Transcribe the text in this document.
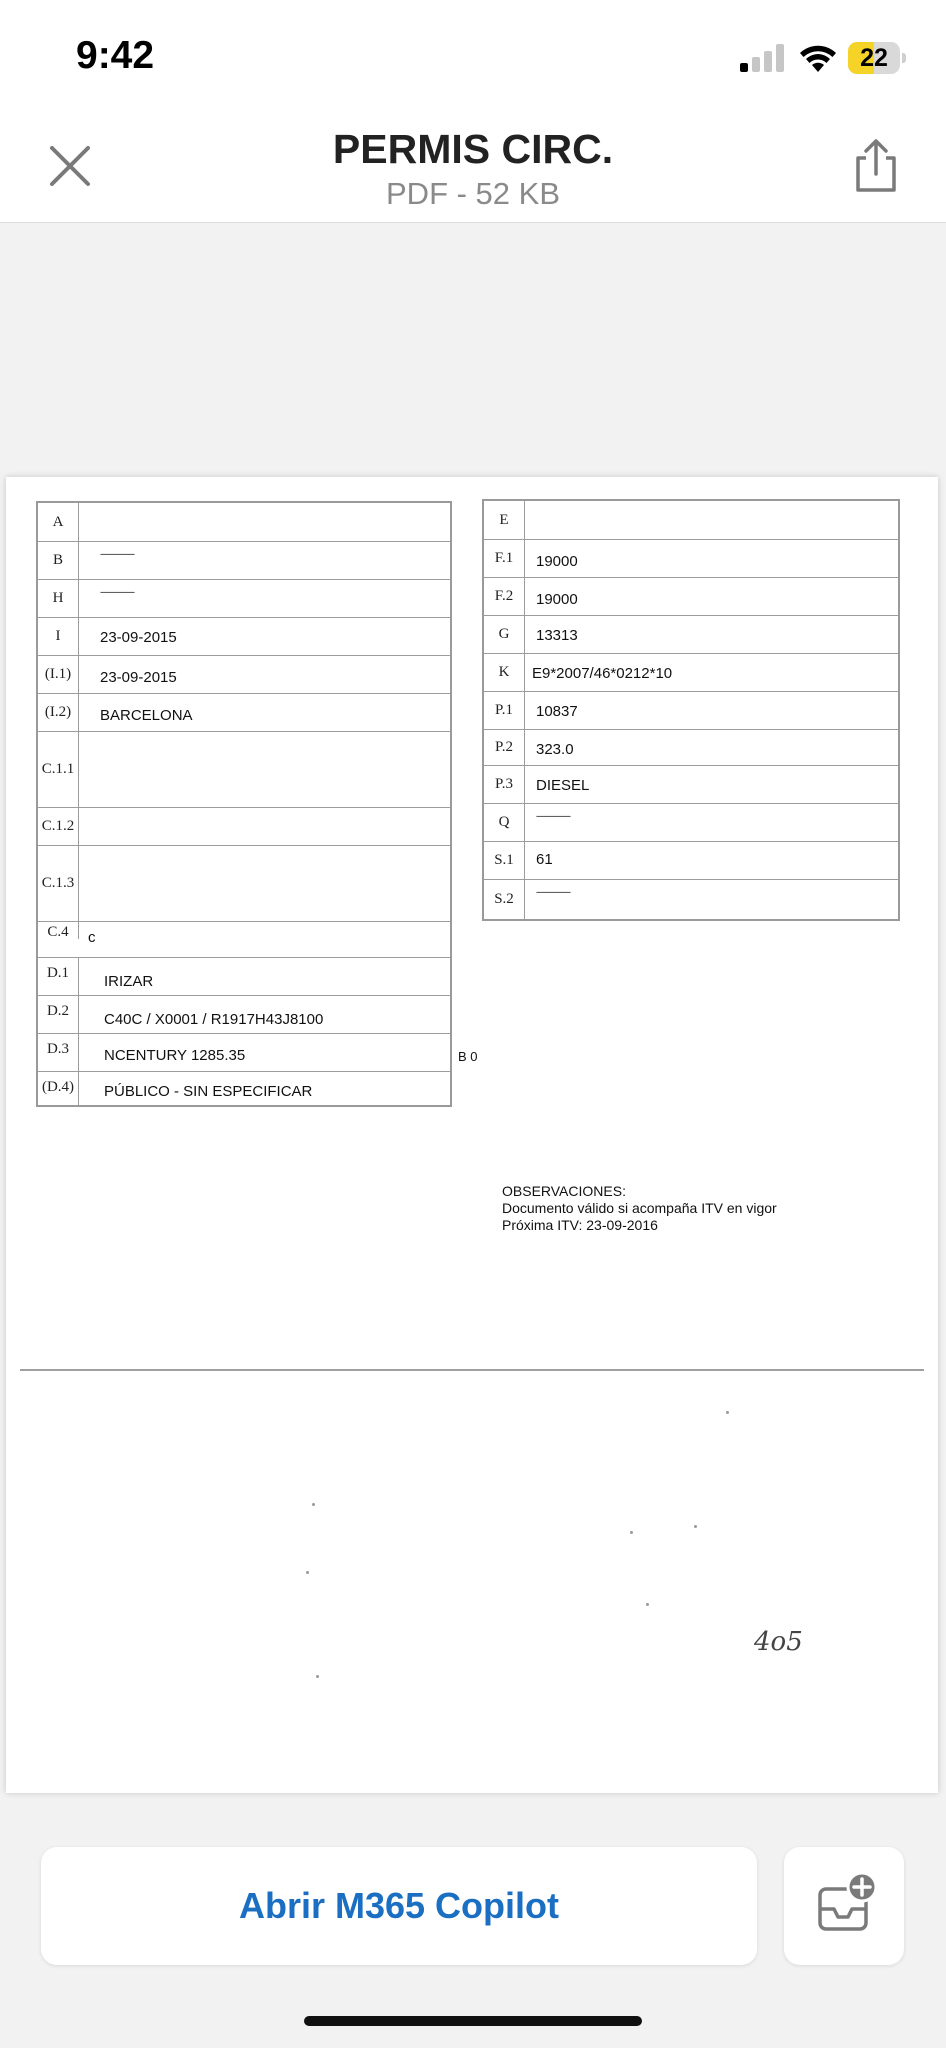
9:42	22
PERMIS CIRC.
PDF - 52 KB
A
B	-----------------
H	-----------------
I	23-09-2015
(I.1)	23-09-2015
(I.2)	BARCELONA
C.1.1
C.1.2
C.1.3
C.4	c
D.1	IRIZAR
D.2	C40C / X0001 / R1917H43J8100
D.3	NCENTURY 1285.35
(D.4)	PÚBLICO - SIN ESPECIFICAR
B 0
E
F.1	19000
F.2	19000
G	13313
K	E9*2007/46*0212*10
P.1	10837
P.2	323.0
P.3	DIESEL
Q	-----------------
S.1	61
S.2	-----------------
OBSERVACIONES:
Documento válido si acompaña ITV en vigor
Próxima ITV: 23-09-2016
4o5
Abrir M365 Copilot
